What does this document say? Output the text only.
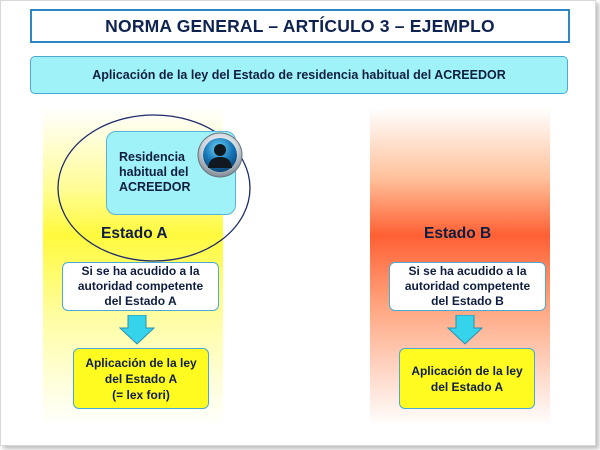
NORMA GENERAL – ARTÍCULO 3 – EJEMPLO
Aplicación de la ley del Estado de residencia habitual del ACREEDOR
Residencia
habitual del
ACREEDOR
Estado A	Estado B
Si se ha acudido a la
autoridad competente
del Estado A
Si se ha acudido a la
autoridad competente
del Estado B
Aplicación de la ley
del Estado A
(= lex fori)
Aplicación de la ley
del Estado A
